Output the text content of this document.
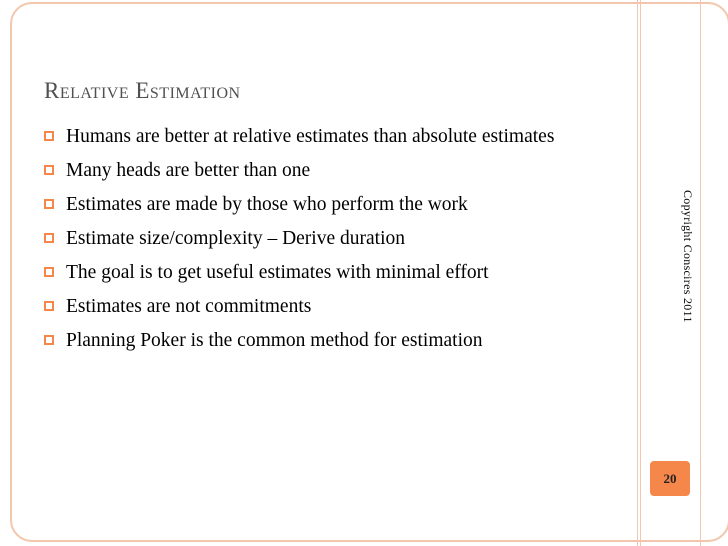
Relative Estimation
Humans are better at relative estimates than absolute estimates
Many heads are better than one
Estimates are made by those who perform the work
Estimate size/complexity – Derive duration
The goal is to get useful estimates with minimal effort
Estimates are not commitments
Planning Poker is the common method for estimation
Copyright Conscires 2011
20
